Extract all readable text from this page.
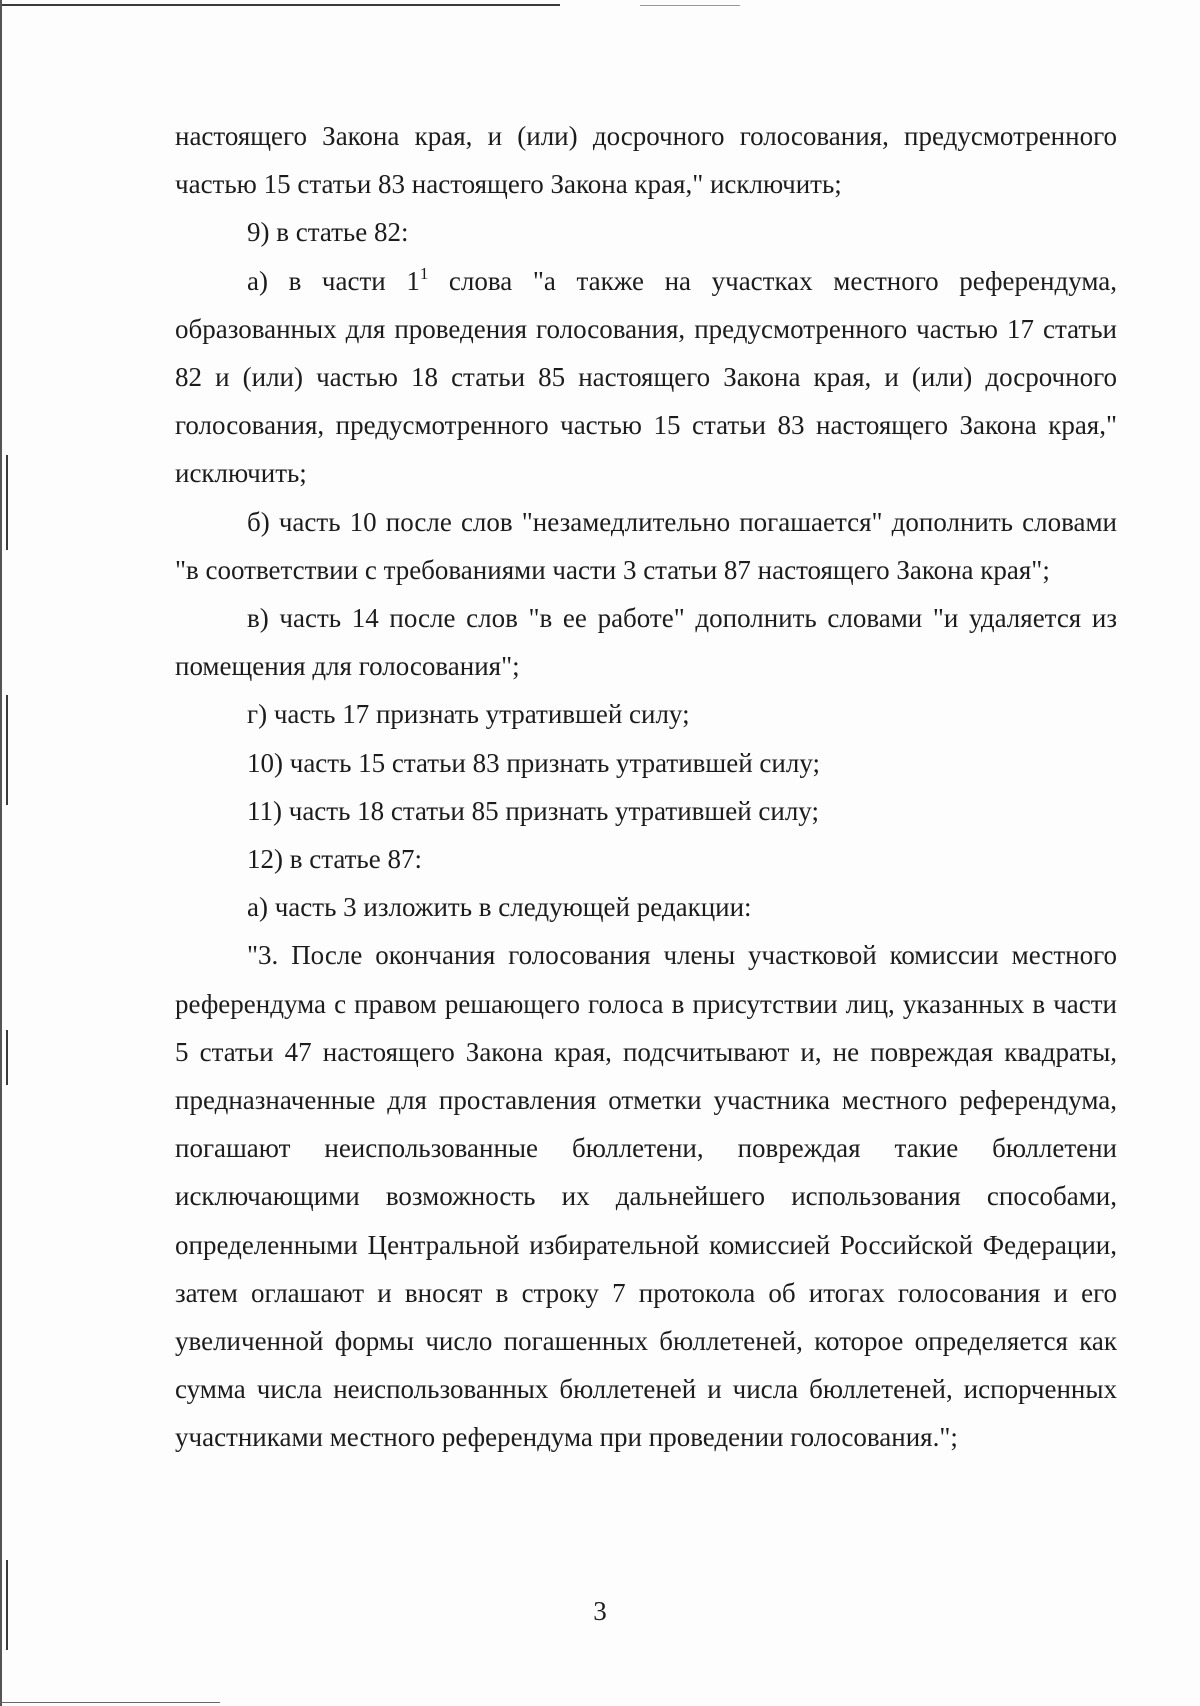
настоящего Закона края, и (или) досрочного голосования, предусмотренного частью 15 статьи 83 настоящего Закона края," исключить;

9) в статье 82:

а) в части $1^1$ слова "а также на участках местного референдума, образованных для проведения голосования, предусмотренного частью 17 статьи 82 и (или) частью 18 статьи 85 настоящего Закона края, и (или) досрочного голосования, предусмотренного частью 15 статьи 83 настоящего Закона края," исключить;

б) часть 10 после слов "незамедлительно погашается" дополнить словами "в соответствии с требованиями части 3 статьи 87 настоящего Закона края";

в) часть 14 после слов "в ее работе" дополнить словами "и удаляется из помещения для голосования";

г) часть 17 признать утратившей силу;

10) часть 15 статьи 83 признать утратившей силу;

11) часть 18 статьи 85 признать утратившей силу;

12) в статье 87:

а) часть 3 изложить в следующей редакции:

"3. После окончания голосования члены участковой комиссии местного референдума с правом решающего голоса в присутствии лиц, указанных в части 5 статьи 47 настоящего Закона края, подсчитывают и, не повреждая квадраты, предназначенные для проставления отметки участника местного референдума, погашают неиспользованные бюллетени, повреждая такие бюллетени исключающими возможность их дальнейшего использования способами, определенными Центральной избирательной комиссией Российской Федерации, затем оглашают и вносят в строку 7 протокола об итогах голосования и его увеличенной формы число погашенных бюллетеней, которое определяется как сумма числа неиспользованных бюллетеней и числа бюллетеней, испорченных участниками местного референдума при проведении голосования.";

3
